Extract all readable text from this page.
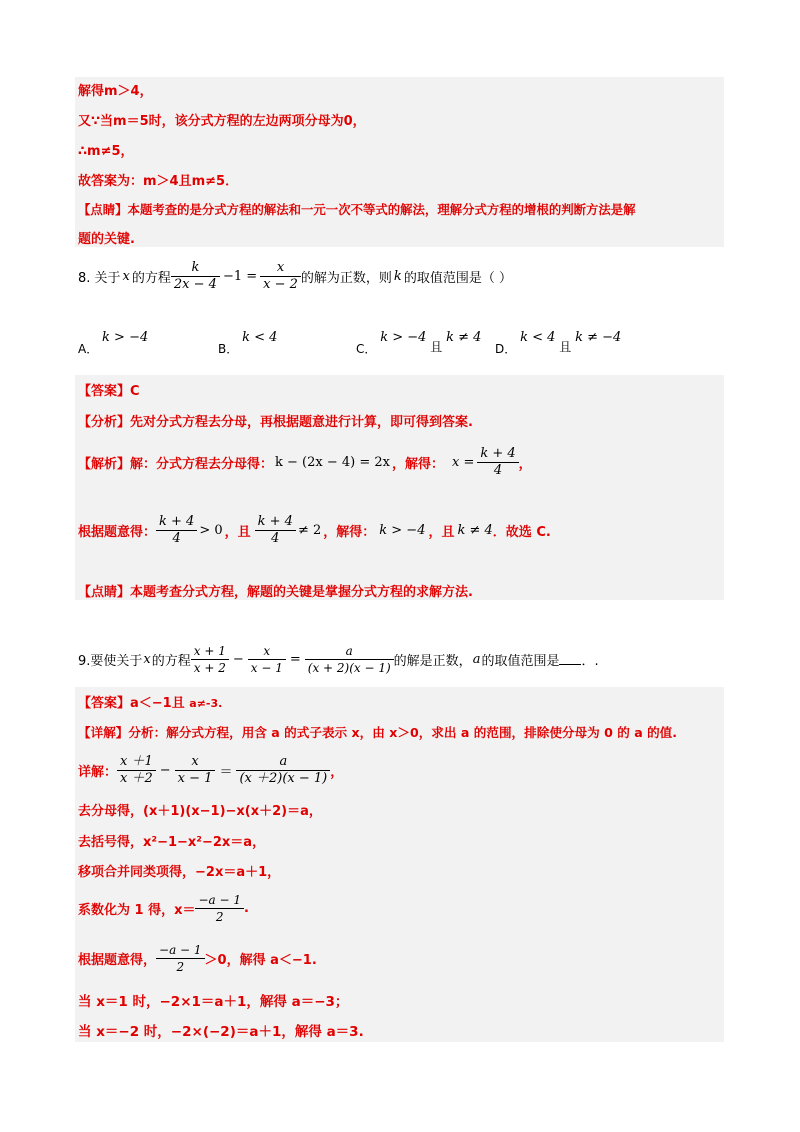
解得m＞4，
又∵当m＝5时，该分式方程的左边两项分母为0，
∴m≠5，
故答案为：m＞4且m≠5．
【点睛】本题考查的是分式方程的解法和一元一次不等式的解法，理解分式方程的增根的判断方法是解
题的关键.
8. 关于 x 的方程 $\frac{k}{2x - 4} -1 = \frac{x}{x - 2}$ 的解为正数，则 k 的取值范围是（ ）
A． k > −4
B． k < 4
C． k > −4 且 k ≠ 4
D． k < 4 且 k ≠ −4
【答案】C
【分析】先对分式方程去分母，再根据题意进行计算，即可得到答案.
【解析】解：分式方程去分母得： k − (2x − 4) = 2x ，解得： $x = \frac{k + 4}{4}$ ，
根据题意得： $\frac{k + 4}{4} > 0$ ，且 $\frac{k + 4}{4} \ne 2$ ，解得： k > −4 ，且 k ≠ 4 ．故选 C.
【点睛】本题考查分式方程，解题的关键是掌握分式方程的求解方法.
9.要使关于 x 的方程 $\frac{x + 1}{x + 2} - \frac{x}{x - 1} = \frac{a}{(x + 2)(x - 1)}$ 的解是正数， a 的取值范围是 ．.
【答案】a＜−1且 a≠-3.
【详解】分析：解分式方程，用含 a 的式子表示 x，由 x＞0，求出 a 的范围，排除使分母为 0 的 a 的值.
详解： $\frac{x +1}{x +2} - \frac{x}{x - 1} = \frac{a}{(x +2)(x - 1)}$ ，
去分母得，(x＋1)(x−1)−x(x＋2)＝a，
去括号得，x²−1−x²−2x＝a，
移项合并同类项得，−2x＝a＋1，
系数化为 1 得，$x= \frac{-a - 1}{2}$ .
根据题意得， $\frac{-a - 1}{2} >0$，解得 a＜−1.
当 x＝1 时，−2×1＝a＋1，解得 a＝−3；
当 x＝−2 时，−2×(−2)＝a＋1，解得 a＝3.
